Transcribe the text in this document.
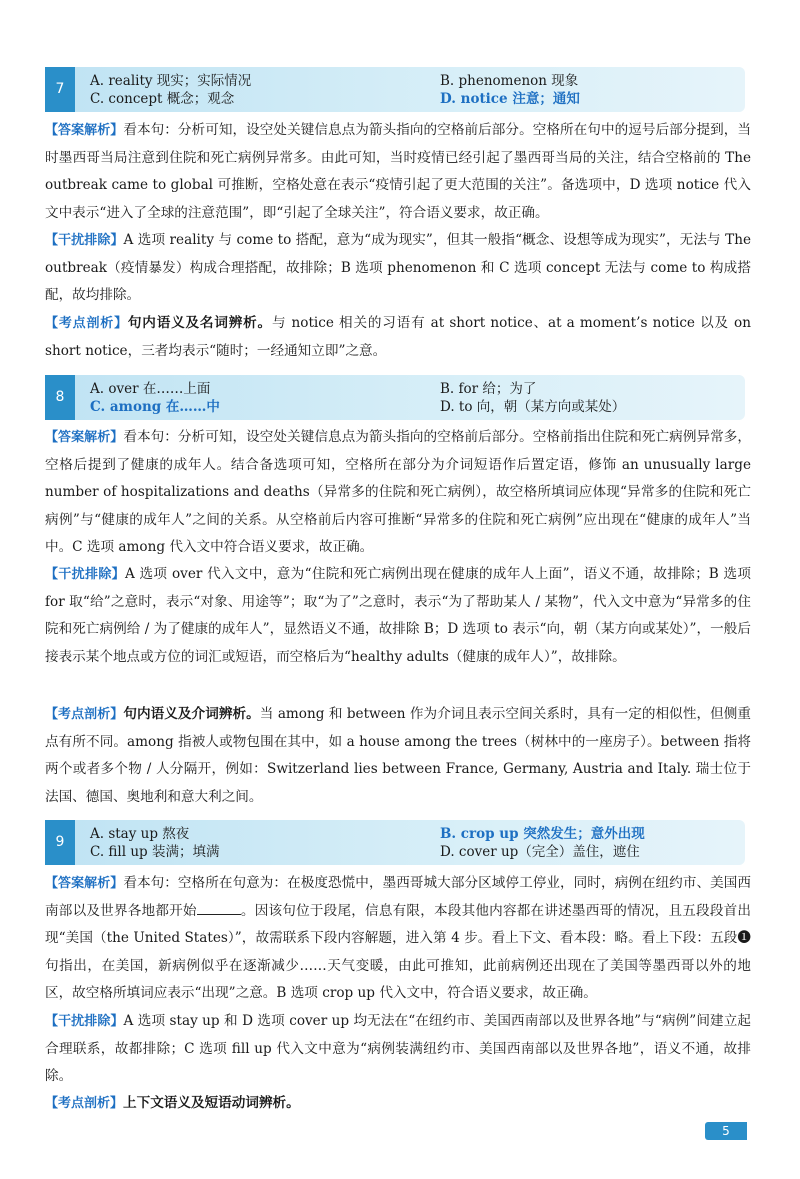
7	A. reality 现实；实际情况	B. phenomenon 现象
C. concept 概念；观念	D. notice 注意；通知

【答案解析】看本句：分析可知，设空处关键信息点为箭头指向的空格前后部分。空格所在句中的逗号后部分提到，当时墨西哥当局注意到住院和死亡病例异常多。由此可知，当时疫情已经引起了墨西哥当局的关注，结合空格前的 The outbreak came to global 可推断，空格处意在表示“疫情引起了更大范围的关注”。备选项中，D 选项 notice 代入文中表示“进入了全球的注意范围”，即“引起了全球关注”，符合语义要求，故正确。

【干扰排除】A 选项 reality 与 come to 搭配，意为“成为现实”，但其一般指“概念、设想等成为现实”，无法与 The outbreak（疫情暴发）构成合理搭配，故排除；B 选项 phenomenon 和 C 选项 concept 无法与 come to 构成搭配，故均排除。

【考点剖析】句内语义及名词辨析。与 notice 相关的习语有 at short notice、at a moment’s notice 以及 on short notice，三者均表示“随时；一经通知立即”之意。

8	A. over 在……上面	B. for 给；为了
C. among 在……中	D. to 向，朝（某方向或某处）

【答案解析】看本句：分析可知，设空处关键信息点为箭头指向的空格前后部分。空格前指出住院和死亡病例异常多，空格后提到了健康的成年人。结合备选项可知，空格所在部分为介词短语作后置定语，修饰 an unusually large number of hospitalizations and deaths（异常多的住院和死亡病例），故空格所填词应体现“异常多的住院和死亡病例”与“健康的成年人”之间的关系。从空格前后内容可推断“异常多的住院和死亡病例”应出现在“健康的成年人”当中。C 选项 among 代入文中符合语义要求，故正确。

【干扰排除】A 选项 over 代入文中，意为“住院和死亡病例出现在健康的成年人上面”，语义不通，故排除；B 选项 for 取“给”之意时，表示“对象、用途等”；取“为了”之意时，表示“为了帮助某人 / 某物”，代入文中意为“异常多的住院和死亡病例给 / 为了健康的成年人”，显然语义不通，故排除 B；D 选项 to 表示“向，朝（某方向或某处）”，一般后接表示某个地点或方位的词汇或短语，而空格后为“healthy adults（健康的成年人）”，故排除。

【考点剖析】句内语义及介词辨析。当 among 和 between 作为介词且表示空间关系时，具有一定的相似性，但侧重点有所不同。among 指被人或物包围在其中，如 a house among the trees（树林中的一座房子）。between 指将两个或者多个物 / 人分隔开，例如：Switzerland lies between France, Germany, Austria and Italy. 瑞士位于法国、德国、奥地利和意大利之间。

9	A. stay up 熬夜	B. crop up 突然发生；意外出现
C. fill up 装满；填满	D. cover up（完全）盖住，遮住

【答案解析】看本句：空格所在句意为：在极度恐慌中，墨西哥城大部分区域停工停业，同时，病例在纽约市、美国西南部以及世界各地都开始	。因该句位于段尾，信息有限，本段其他内容都在讲述墨西哥的情况，且五段段首出现“美国（the United States）”，故需联系下段内容解题，进入第 4 步。看上下文、看本段：略。看上下段：五段❶句指出，在美国，新病例似乎在逐渐减少……天气变暖，由此可推知，此前病例还出现在了美国等墨西哥以外的地区，故空格所填词应表示“出现”之意。B 选项 crop up 代入文中，符合语义要求，故正确。

【干扰排除】A 选项 stay up 和 D 选项 cover up 均无法在“在纽约市、美国西南部以及世界各地”与“病例”间建立起合理联系，故都排除；C 选项 fill up 代入文中意为“病例装满纽约市、美国西南部以及世界各地”，语义不通，故排除。

【考点剖析】上下文语义及短语动词辨析。

5
